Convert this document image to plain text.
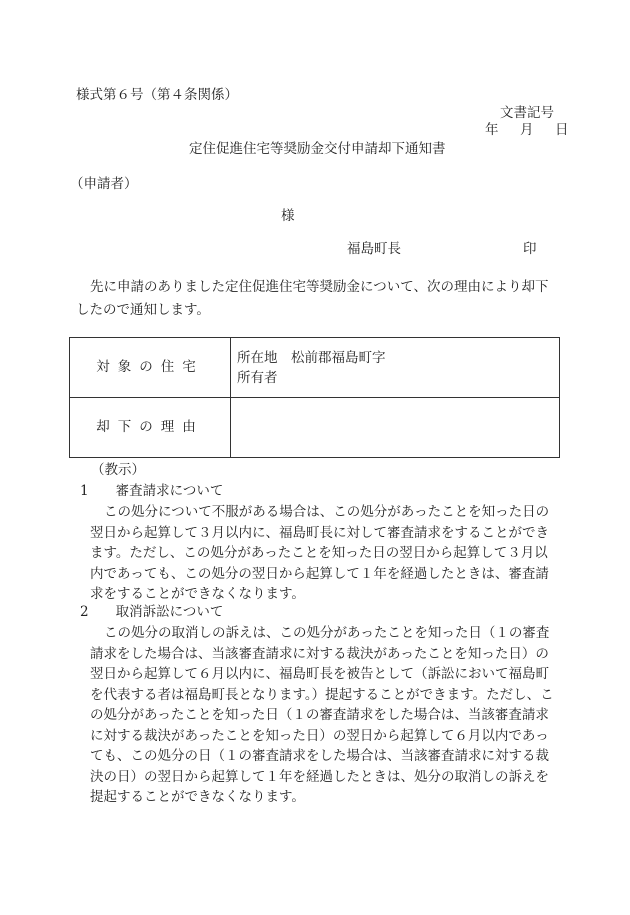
様式第６号（第４条関係）
文書記号
年　月　日
定住促進住宅等奨励金交付申請却下通知書
（申請者）
様
福島町長	印
先に申請のありました定住促進住宅等奨励金について、次の理由により却下したので通知します。
対象の住宅	所在地　松前郡福島町字
所有者

却下の理由	
（教示）
1　　審査請求について
この処分について不服がある場合は、この処分があったことを知った日の翌日から起算して３月以内に、福島町長に対して審査請求をすることができます。ただし、この処分があったことを知った日の翌日から起算して３月以内であっても、この処分の翌日から起算して１年を経過したときは、審査請求をすることができなくなります。
2　　取消訴訟について
この処分の取消しの訴えは、この処分があったことを知った日（１の審査請求をした場合は、当該審査請求に対する裁決があったことを知った日）の翌日から起算して６月以内に、福島町長を被告として（訴訟において福島町を代表する者は福島町長となります。）提起することができます。ただし、この処分があったことを知った日（１の審査請求をした場合は、当該審査請求に対する裁決があったことを知った日）の翌日から起算して６月以内であっても、この処分の日（１の審査請求をした場合は、当該審査請求に対する裁決の日）の翌日から起算して１年を経過したときは、処分の取消しの訴えを提起することができなくなります。
